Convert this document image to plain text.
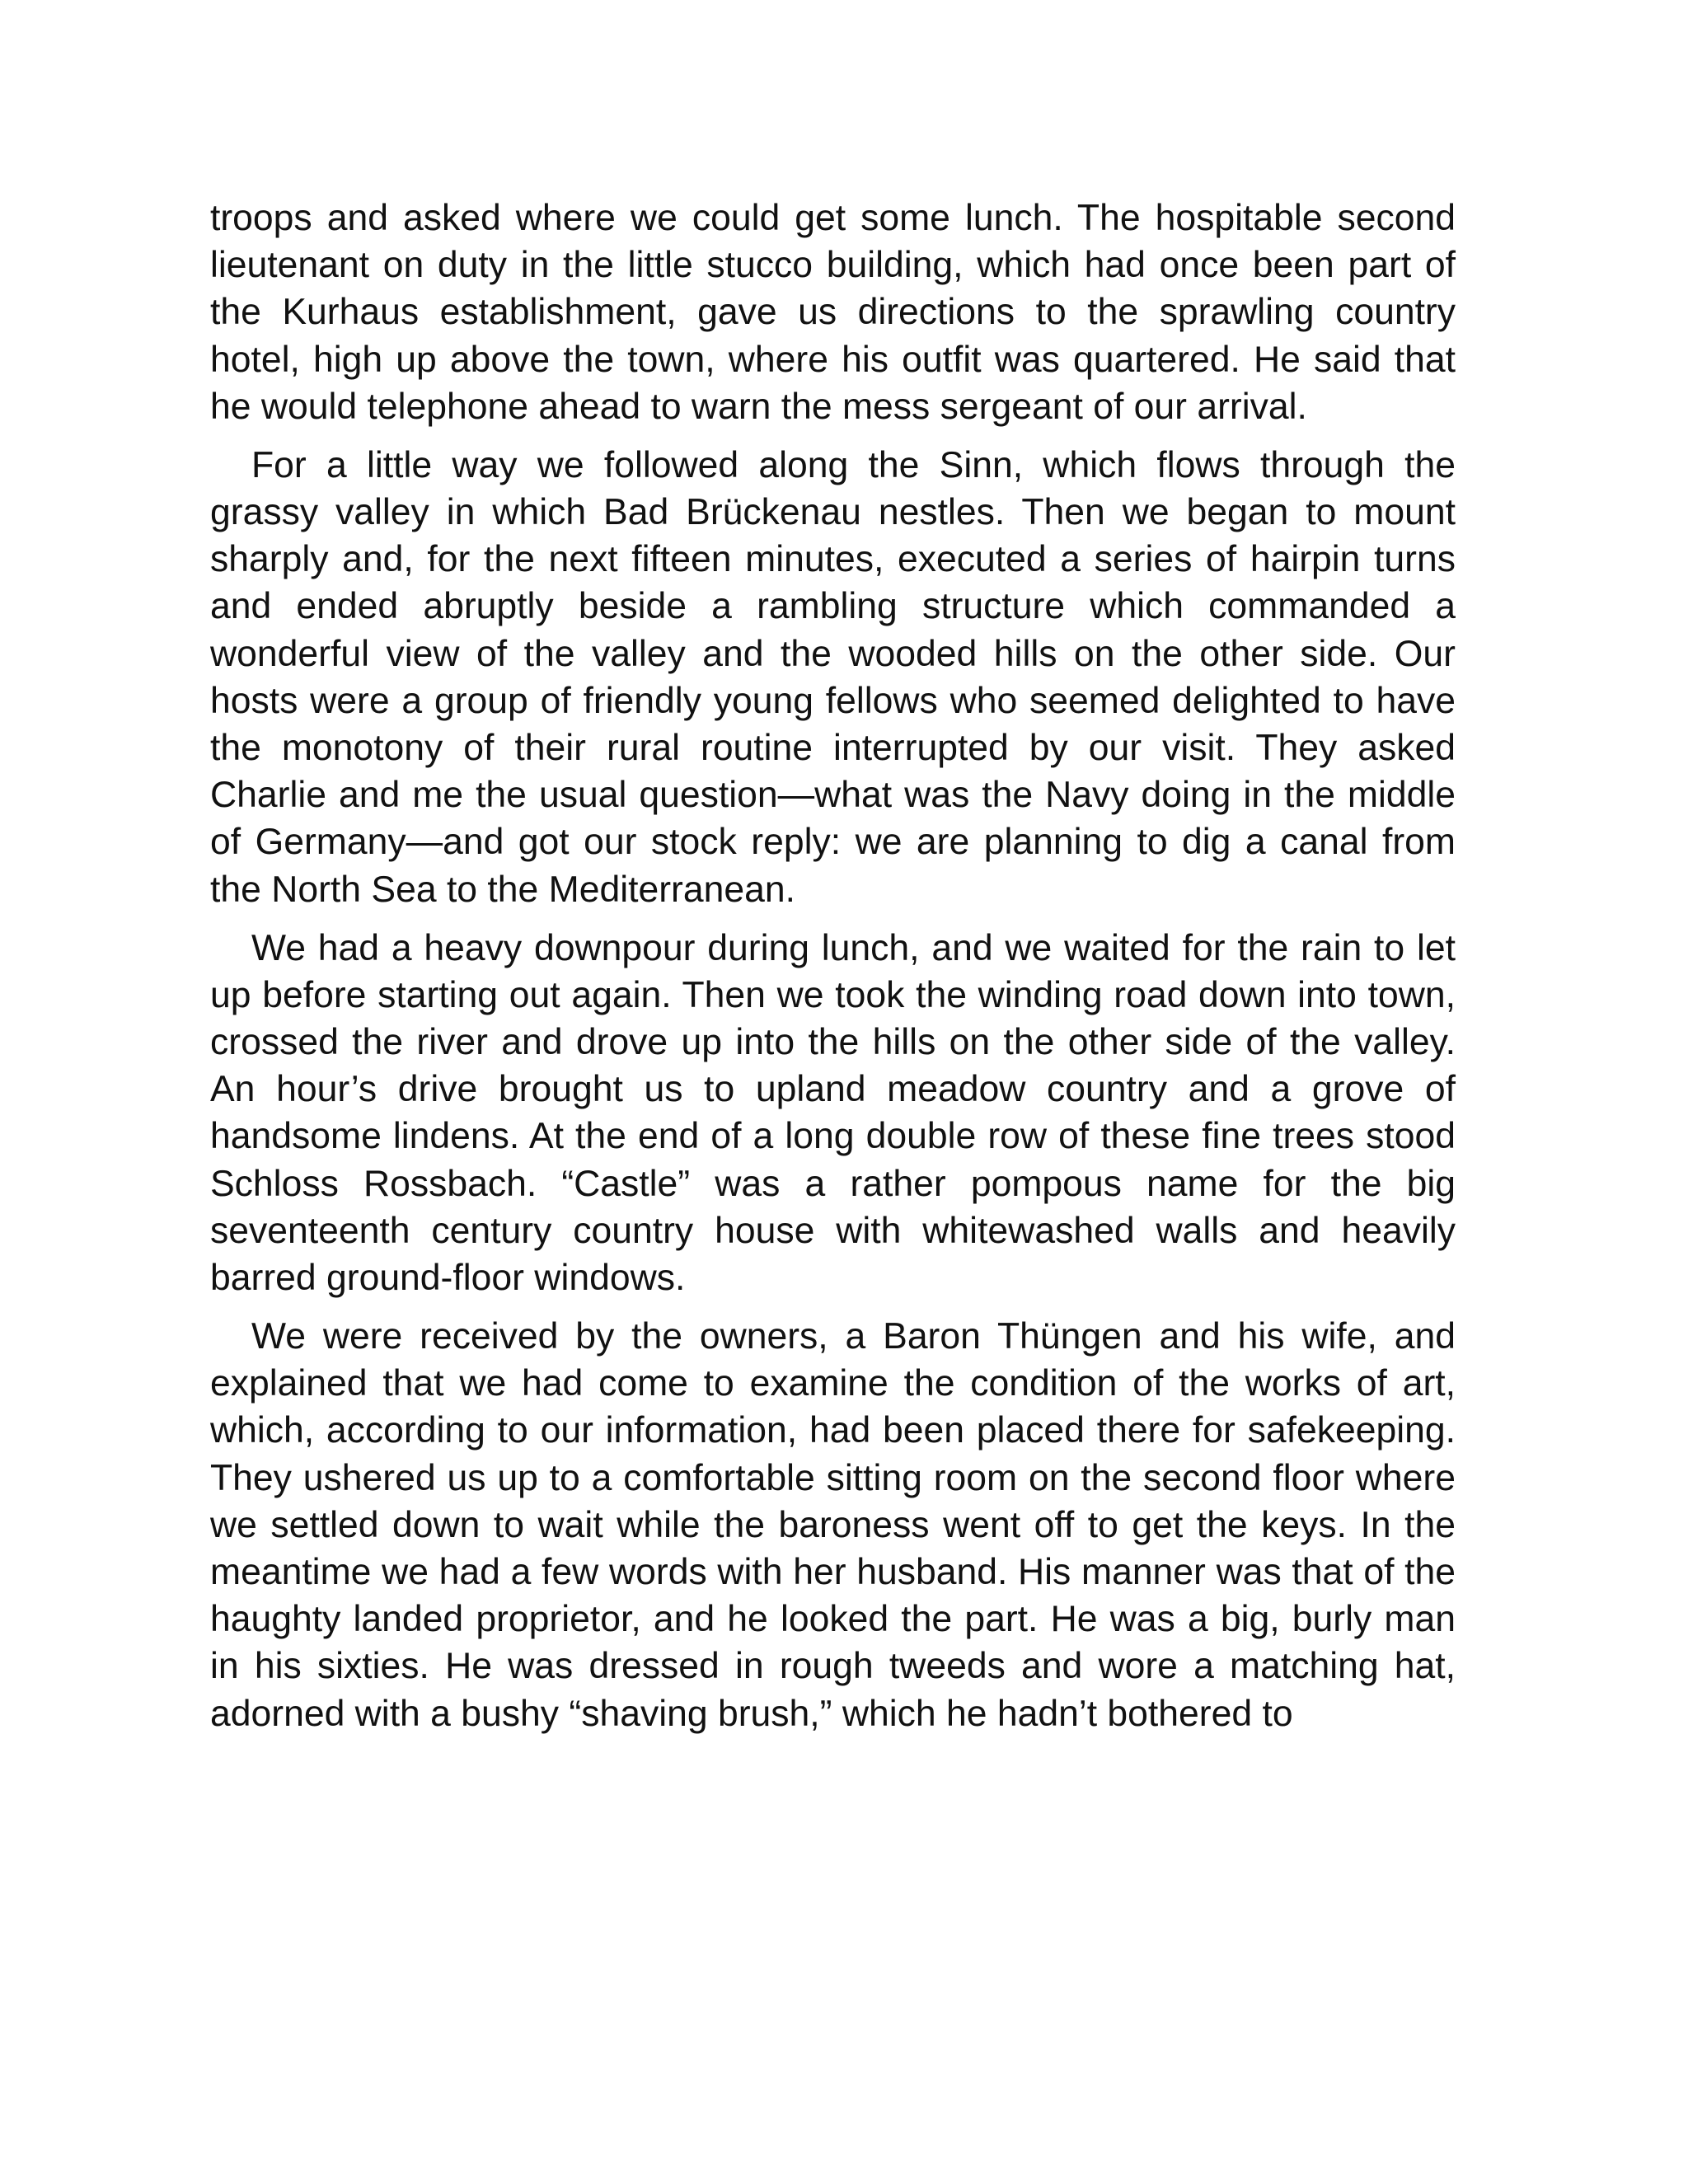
troops and asked where we could get some lunch. The hospitable second lieutenant on duty in the little stucco building, which had once been part of the Kurhaus establishment, gave us directions to the sprawling country hotel, high up above the town, where his outfit was quartered. He said that he would telephone ahead to warn the mess sergeant of our arrival.

For a little way we followed along the Sinn, which flows through the grassy valley in which Bad Brückenau nestles. Then we began to mount sharply and, for the next fifteen minutes, executed a series of hairpin turns and ended abruptly beside a rambling structure which commanded a wonderful view of the valley and the wooded hills on the other side. Our hosts were a group of friendly young fellows who seemed delighted to have the monotony of their rural routine interrupted by our visit. They asked Charlie and me the usual question—what was the Navy doing in the middle of Germany—and got our stock reply: we are planning to dig a canal from the North Sea to the Mediterranean.

We had a heavy downpour during lunch, and we waited for the rain to let up before starting out again. Then we took the winding road down into town, crossed the river and drove up into the hills on the other side of the valley. An hour’s drive brought us to upland meadow country and a grove of handsome lindens. At the end of a long double row of these fine trees stood Schloss Rossbach. “Castle” was a rather pompous name for the big seventeenth century country house with whitewashed walls and heavily barred ground-floor windows.

We were received by the owners, a Baron Thüngen and his wife, and explained that we had come to examine the condition of the works of art, which, according to our information, had been placed there for safekeeping. They ushered us up to a comfortable sitting room on the second floor where we settled down to wait while the baroness went off to get the keys. In the meantime we had a few words with her husband. His manner was that of the haughty landed proprietor, and he looked the part. He was a big, burly man in his sixties. He was dressed in rough tweeds and wore a matching hat, adorned with a bushy “shaving brush,” which he hadn’t bothered to
